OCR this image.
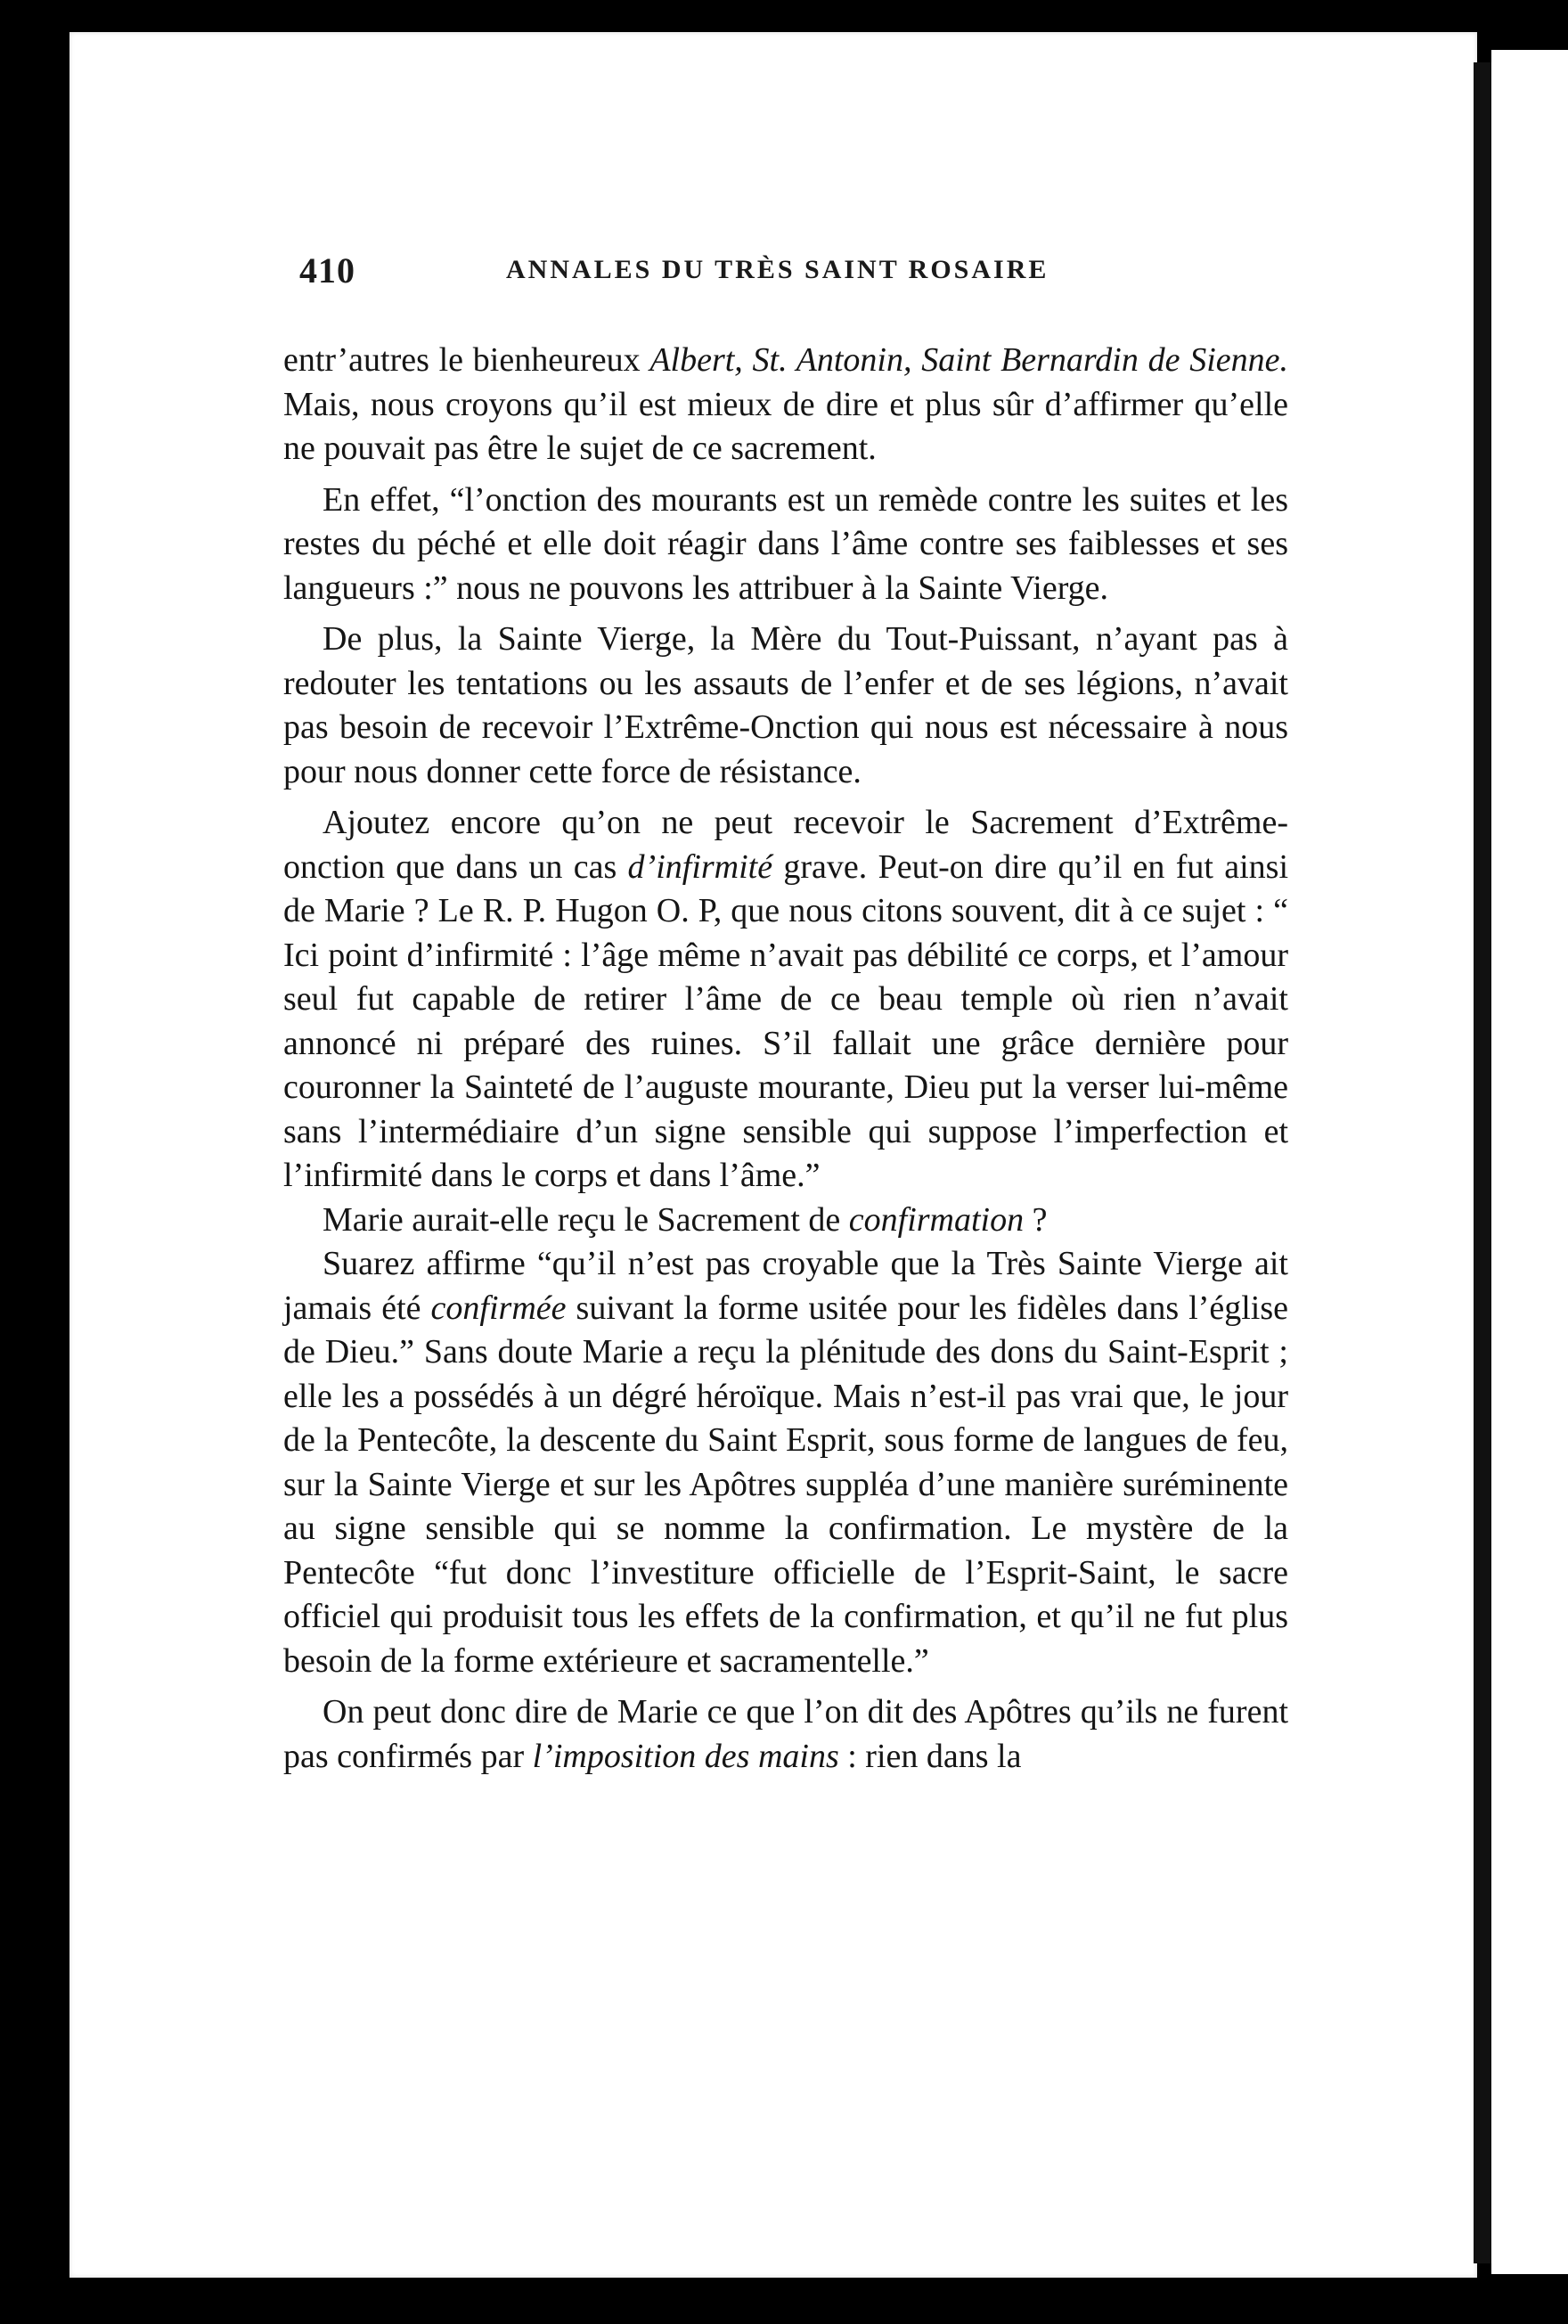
410	ANNALES DU TRÈS SAINT ROSAIRE

entr’autres le bienheureux Albert, St. Antonin, Saint Bernardin de Sienne. Mais, nous croyons qu’il est mieux de dire et plus sûr d’affirmer qu’elle ne pouvait pas être le sujet de ce sacrement.

En effet, “l’onction des mourants est un remède contre les suites et les restes du péché et elle doit réagir dans l’âme contre ses faiblesses et ses langueurs :” nous ne pouvons les attribuer à la Sainte Vierge.

De plus, la Sainte Vierge, la Mère du Tout-Puissant, n’ayant pas à redouter les tentations ou les assauts de l’enfer et de ses légions, n’avait pas besoin de recevoir l’Extrême-Onction qui nous est nécessaire à nous pour nous donner cette force de résistance.

Ajoutez encore qu’on ne peut recevoir le Sacrement d’Extrême-onction que dans un cas d’infirmité grave. Peut-on dire qu’il en fut ainsi de Marie ? Le R. P. Hugon O. P, que nous citons souvent, dit à ce sujet : “ Ici point d’infirmité : l’âge même n’avait pas débilité ce corps, et l’amour seul fut capable de retirer l’âme de ce beau temple où rien n’avait annoncé ni préparé des ruines. S’il fallait une grâce dernière pour couronner la Sainteté de l’auguste mourante, Dieu put la verser lui-même sans l’intermédiaire d’un signe sensible qui suppose l’imperfection et l’infirmité dans le corps et dans l’âme.”

Marie aurait-elle reçu le Sacrement de confirmation ?

Suarez affirme “qu’il n’est pas croyable que la Très Sainte Vierge ait jamais été confirmée suivant la forme usitée pour les fidèles dans l’église de Dieu.” Sans doute Marie a reçu la plénitude des dons du Saint-Esprit ; elle les a possédés à un dégré héroïque. Mais n’est-il pas vrai que, le jour de la Pentecôte, la descente du Saint Esprit, sous forme de langues de feu, sur la Sainte Vierge et sur les Apôtres suppléa d’une manière suréminente au signe sensible qui se nomme la confirmation. Le mystère de la Pentecôte “fut donc l’investiture officielle de l’Esprit-Saint, le sacre officiel qui produisit tous les effets de la confirmation, et qu’il ne fut plus besoin de la forme extérieure et sacramentelle.”

On peut donc dire de Marie ce que l’on dit des Apôtres qu’ils ne furent pas confirmés par l’imposition des mains : rien dans la
